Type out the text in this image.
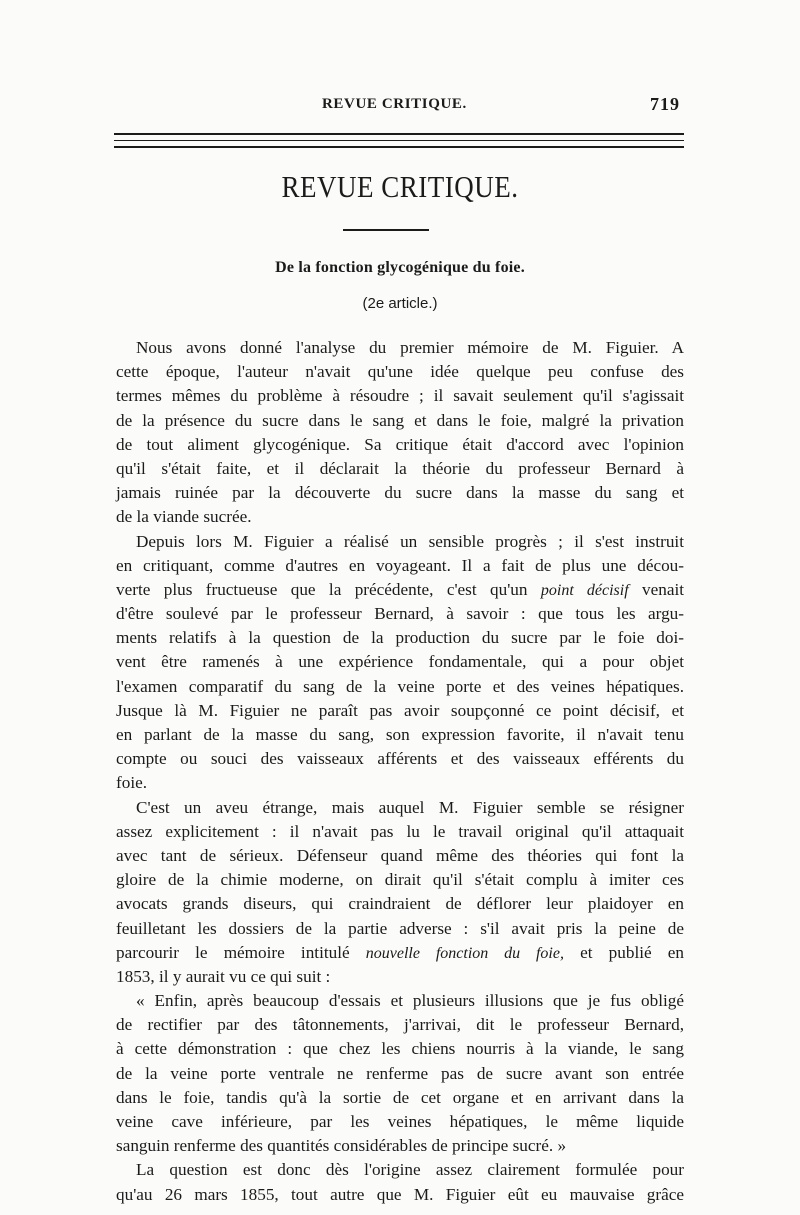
REVUE CRITIQUE.	719
REVUE CRITIQUE.
De la fonction glycogénique du foie.
(2e article.)
Nous avons donné l'analyse du premier mémoire de M. Figuier. A
cette époque, l'auteur n'avait qu'une idée quelque peu confuse des
termes mêmes du problème à résoudre ; il savait seulement qu'il s'agissait
de la présence du sucre dans le sang et dans le foie, malgré la privation
de tout aliment glycogénique. Sa critique était d'accord avec l'opinion
qu'il s'était faite, et il déclarait la théorie du professeur Bernard à
jamais ruinée par la découverte du sucre dans la masse du sang et
de la viande sucrée.
Depuis lors M. Figuier a réalisé un sensible progrès ; il s'est instruit
en critiquant, comme d'autres en voyageant. Il a fait de plus une décou-
verte plus fructueuse que la précédente, c'est qu'un point décisif venait
d'être soulevé par le professeur Bernard, à savoir : que tous les argu-
ments relatifs à la question de la production du sucre par le foie doi-
vent être ramenés à une expérience fondamentale, qui a pour objet
l'examen comparatif du sang de la veine porte et des veines hépatiques.
Jusque là M. Figuier ne paraît pas avoir soupçonné ce point décisif, et
en parlant de la masse du sang, son expression favorite, il n'avait tenu
compte ou souci des vaisseaux afférents et des vaisseaux efférents du
foie.
C'est un aveu étrange, mais auquel M. Figuier semble se résigner
assez explicitement : il n'avait pas lu le travail original qu'il attaquait
avec tant de sérieux. Défenseur quand même des théories qui font la
gloire de la chimie moderne, on dirait qu'il s'était complu à imiter ces
avocats grands diseurs, qui craindraient de déflorer leur plaidoyer en
feuilletant les dossiers de la partie adverse : s'il avait pris la peine de
parcourir le mémoire intitulé nouvelle fonction du foie, et publié en
1853, il y aurait vu ce qui suit :
« Enfin, après beaucoup d'essais et plusieurs illusions que je fus obligé
de rectifier par des tâtonnements, j'arrivai, dit le professeur Bernard,
à cette démonstration : que chez les chiens nourris à la viande, le sang
de la veine porte ventrale ne renferme pas de sucre avant son entrée
dans le foie, tandis qu'à la sortie de cet organe et en arrivant dans la
veine cave inférieure, par les veines hépatiques, le même liquide
sanguin renferme des quantités considérables de principe sucré. »
La question est donc dès l'origine assez clairement formulée pour
qu'au 26 mars 1855, tout autre que M. Figuier eût eu mauvaise grâce
